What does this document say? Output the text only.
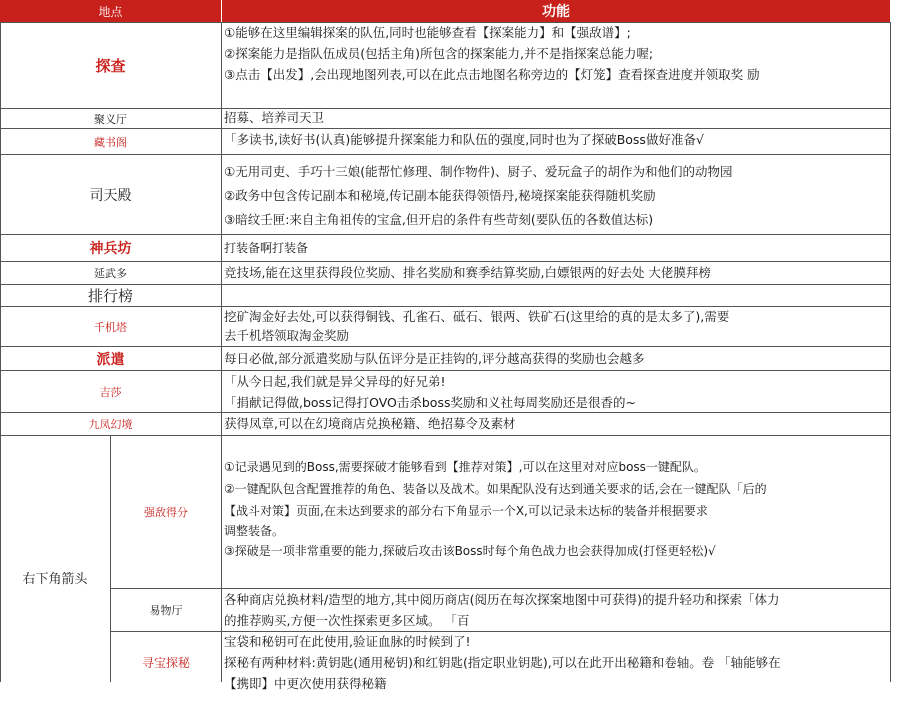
地点	功能
探查
聚义厅
藏书阁
司天殿
神兵坊
延武多
排行榜
千机塔
派遣
吉莎
九凤幻境
右下角箭头
强敌得分
易物厅
寻宝探秘
①能够在这里编辑探案的队伍,同时也能够查看【探案能力】和【强敌谱】;
②探案能力是指队伍成员(包括主角)所包含的探案能力,并不是指探案总能力喔;
③点击【出发】,会出现地图列表,可以在此点击地图名称旁边的【灯笼】查看探查进度并领取奖 励
招募、培养司天卫
「多读书,读好书(认真)能够提升探案能力和队伍的强度,同时也为了探破Boss做好准备√
①无用司吏、手巧十三娘(能帮忙修理、制作物件)、厨子、爱玩盒子的胡作为和他们的动物园
②政务中包含传记副本和秘境,传记副本能获得领悟丹,秘境探案能获得随机奖励
③暗纹壬匣:来自主角祖传的宝盒,但开启的条件有些苛刻(要队伍的各数值达标)
打装备啊打装备
竞技场,能在这里获得段位奖励、排名奖励和赛季结算奖励,白嫖银两的好去处 大佬膜拜榜
挖矿淘金好去处,可以获得铜钱、孔雀石、砥石、银两、铁矿石(这里给的真的是太多了),需要
去千机塔领取淘金奖励
每日必做,部分派遣奖励与队伍评分是正挂钩的,评分越高获得的奖励也会越多
「从今日起,我们就是异父异母的好兄弟!
「捐献记得做,boss记得打OVO击杀boss奖励和义社每周奖励还是很香的~
获得凤章,可以在幻境商店兑换秘籍、绝招募令及素材
①记录遇见到的Boss,需要探破才能够看到【推荐对策】,可以在这里对对应boss一键配队。
②一键配队包含配置推荐的角色、装备以及战术。如果配队没有达到通关要求的话,会在一键配队「后的
【战斗对策】页面,在未达到要求的部分右下角显示一个X,可以记录未达标的装备并根据要求
调整装备。
③探破是一项非常重要的能力,探破后攻击该Boss时每个角色战力也会获得加成(打怪更轻松)√
各种商店兑换材料/造型的地方,其中阅历商店(阅历在每次探案地图中可获得)的提升轻功和探索「体力
的推荐购买,方便一次性探索更多区域。 「百
宝袋和秘钥可在此使用,验证血脉的时候到了!
探秘有两种材料:黄钥匙(通用秘钥)和红钥匙(指定职业钥匙),可以在此开出秘籍和卷轴。卷 「轴能够在
【携即】中更次使用获得秘籍
